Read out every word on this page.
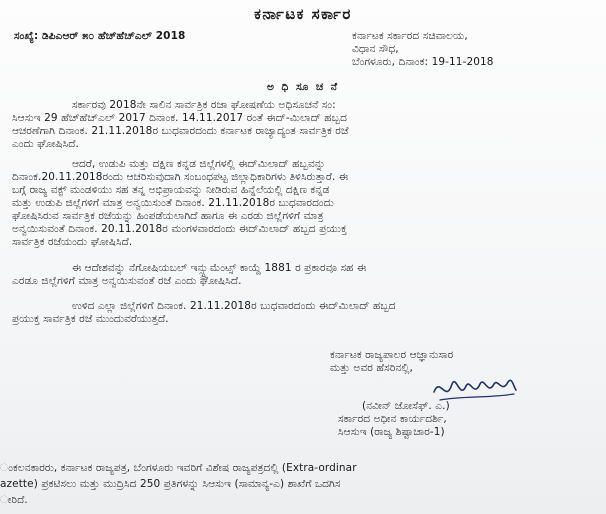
ಕರ್ನಾಟಕ ಸರ್ಕಾರ
ಸಂಖ್ಯೆ: ಡಿಪಿಎಆರ್ ೫೦ ಹೆಚ್‌ಹೆಚ್‌ಎಲ್ 2018	ಕರ್ನಾಟಕ ಸರ್ಕಾರದ ಸಚಿವಾಲಯ,
ವಿಧಾನ ಸೌಧ,
ಬೆಂಗಳೂರು, ದಿನಾಂಕ: 19-11-2018
ಅ ಧಿ ಸೂ ಚ ನೆ
ಸರ್ಕಾರವು 2018ನೇ ಸಾಲಿನ ಸಾರ್ವತ್ರಿಕ ರಜಾ ಘೋಷಣೆಯ ಅಧಿಸೂಚನೆ ಸಂ:
ಸಿಆಸುಇ 29 ಹೆಚ್‌ಹೆಚ್‌ಎಲ್ 2017 ದಿನಾಂಕ. 14.11.2017 ರಂತೆ ಈದ್-ಮಿಲಾದ್ ಹಬ್ಬದ
ಆಚರಣೆಗಾಗಿ ದಿನಾಂಕ. 21.11.2018ರ ಬುಧವಾರದಂದು ಕರ್ನಾಟಕ ರಾಜ್ಯಾದ್ಯಂತ ಸಾರ್ವತ್ರಿಕ ರಜೆ
ಎಂದು ಘೋಷಿಸಿದೆ.
ಆದರೆ, ಉಡುಪಿ ಮತ್ತು ದಕ್ಷಿಣ ಕನ್ನಡ ಜಿಲ್ಲೆಗಳಲ್ಲಿ ಈದ್‌ಮಿಲಾದ್ ಹಬ್ಬವನ್ನು
ದಿನಾಂಕ.20.11.2018ರಂದು ಆಚರಿಸುವುದಾಗಿ ಸಂಬಂಧಪಟ್ಟ ಜಿಲ್ಲಾಧಿಕಾರಿಗಳು ತಿಳಿಸಿರುತ್ತಾರೆ. ಈ
ಬಗ್ಗೆ ರಾಜ್ಯ ವಕ್ಫ್ ಮಂಡಳಿಯು ಸಹ ತನ್ನ ಅಭಿಪ್ರಾಯವನ್ನು ನೀಡಿರುವ ಹಿನ್ನೆಲೆಯಲ್ಲಿ ದಕ್ಷಿಣ ಕನ್ನಡ
ಮತ್ತು ಉಡುಪಿ ಜಿಲ್ಲೆಗಳಿಗೆ ಮಾತ್ರ ಅನ್ವಯಿಸುಂತೆ ದಿನಾಂಕ. 21.11.2018ರ ಬುಧವಾರದಂದು
ಘೋಷಿಸಿರುವ ಸಾರ್ವತ್ರಿಕ ರಜೆಯನ್ನು ಹಿಂಪಡೆಯಲಾಗಿದೆ ಹಾಗೂ ಈ ಎರಡು ಜಿಲ್ಲೆಗಳಿಗೆ ಮಾತ್ರ
ಅನ್ವಯಿಸುವಂತೆ ದಿನಾಂಕ. 20.11.2018ರ ಮಂಗಳವಾರದಂದು ಈದ್‌ಮಿಲಾದ್ ಹಬ್ಬದ ಪ್ರಯುಕ್ತ
ಸಾರ್ವತ್ರಿಕ ರಜೆಯಂದು ಘೋಷಿಸಿದೆ.
ಈ ಆದೇಶವನ್ನು ನೆಗೋಷಿಯಬಲ್ ಇನ್ಸ್ಟ್ರುಮೆಂಟ್ಸ್ ಕಾಯ್ದೆ 1881 ರ ಪ್ರಕಾರವೂ ಸಹ ಈ
ಎರಡೂ ಜಿಲ್ಲೆಗಳಿಗೆ ಮಾತ್ರ ಅನ್ವಯಿಸುವಂತೆ ರಜೆ ಎಂದು ಘೋಷಿಸಿದೆ.
ಉಳಿದ ಎಲ್ಲಾ ಜಿಲ್ಲೆಗಳಿಗೆ ದಿನಾಂಕ. 21.11.2018ರ ಬುಧವಾರದಂದು ಈದ್‌ಮಿಲಾದ್ ಹಬ್ಬದ
ಪ್ರಯುಕ್ತ ಸಾರ್ವತ್ರಿಕ ರಜೆ ಮುಂದುವರೆಯುತ್ತದೆ.
ಕರ್ನಾಟಕ ರಾಜ್ಯಪಾಲರ ಆಜ್ಞಾನುಸಾರ
ಮತ್ತು ಅವರ ಹೆಸರಿನಲ್ಲಿ,
(ನವೀನ್ ಜೋಸೆಫ್. ಎ.)
ಸರ್ಕಾರದ ಅಧೀನ ಕಾರ್ಯದರ್ಶಿ,
ಸಿಆಸುಇ (ರಾಜ್ಯ ಶಿಷ್ಟಾಚಾರ-1)
ಂಕಲನಕಾರರು, ಕರ್ನಾಟಕ ರಾಜ್ಯಪತ್ರ, ಬೆಂಗಳೂರು ಇವರಿಗೆ ವಿಶೇಷ ರಾಜ್ಯಪತ್ರದಲ್ಲಿ (Extra-ordinar
azette) ಪ್ರಕಟಿಸಲು ಮತ್ತು ಮುದ್ರಿಸಿದ 250 ಪ್ರತಿಗಳನ್ನು ಸಿಆಸುಇ (ಸಾಮಾನ್ಯ-ಎ) ಶಾಖೆಗೆ ಒದಗಿಸ
ೕರಿದೆ.
